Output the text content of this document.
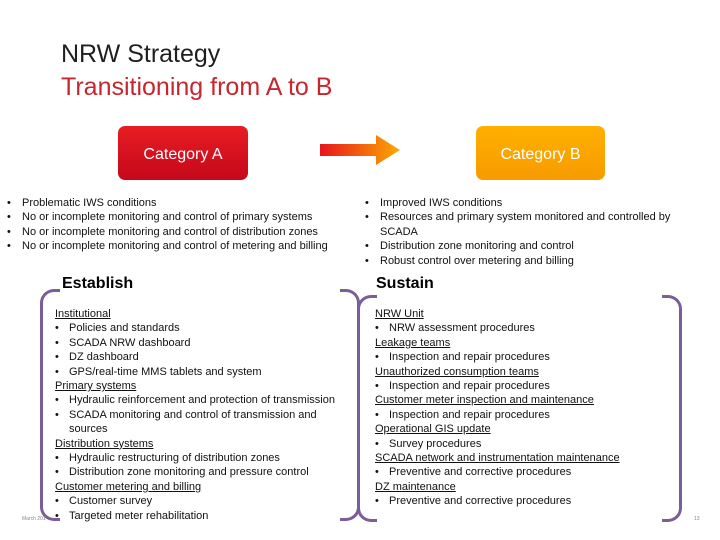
NRW Strategy
Transitioning from A to B
Category A	Category B
• Problematic IWS conditions
• No or incomplete monitoring and control of primary systems
• No or incomplete monitoring and control of distribution zones
• No or incomplete monitoring and control of metering and billing
• Improved IWS conditions
• Resources and primary system monitored and controlled by SCADA
• Distribution zone monitoring and control
• Robust control over metering and billing
Establish	Sustain
Institutional
• Policies and standards
• SCADA NRW dashboard
• DZ dashboard
• GPS/real-time MMS tablets and system
Primary systems
• Hydraulic reinforcement and protection of transmission
• SCADA monitoring and control of transmission and sources
Distribution systems
• Hydraulic restructuring of distribution zones
• Distribution zone monitoring and pressure control
Customer metering and billing
• Customer survey
• Targeted meter rehabilitation
NRW Unit
• NRW assessment procedures
Leakage teams
• Inspection and repair procedures
Unauthorized consumption teams
• Inspection and repair procedures
Customer meter inspection and maintenance
• Inspection and repair procedures
Operational GIS update
• Survey procedures
SCADA network and instrumentation maintenance
• Preventive and corrective procedures
DZ maintenance
• Preventive and corrective procedures
March 201	13
